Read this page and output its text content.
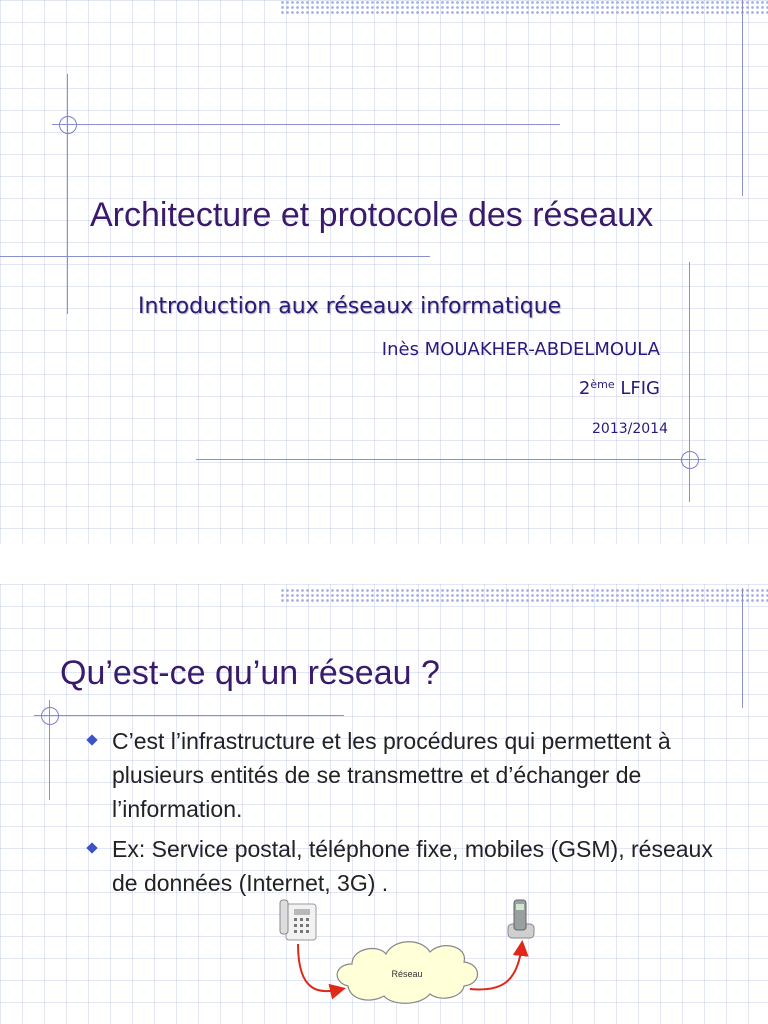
Architecture et protocole des réseaux
Introduction aux réseaux informatique
Inès MOUAKHER-ABDELMOULA
2ème LFIG
2013/2014
Qu’est-ce qu’un réseau ?
C’est l’infrastructure et les procédures qui permettent à plusieurs entités de se transmettre et d’échanger de l’information.
Ex: Service postal, téléphone fixe, mobiles (GSM), réseaux de données (Internet, 3G) .
Réseau
